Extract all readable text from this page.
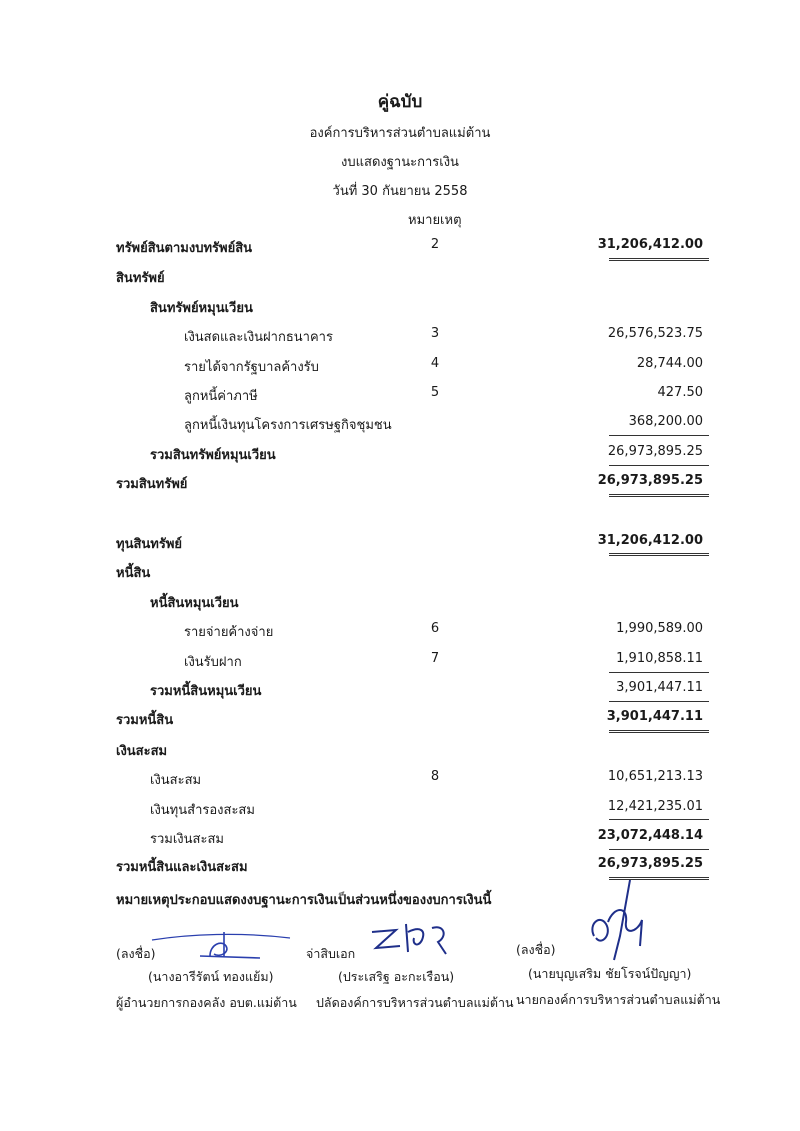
คู่ฉบับ
องค์การบริหารส่วนตำบลแม่ต้าน
งบแสดงฐานะการเงิน
วันที่ 30 กันยายน 2558
หมายเหตุ
ทรัพย์สินตามงบทรัพย์สิน	2	31,206,412.00
สินทรัพย์
สินทรัพย์หมุนเวียน
เงินสดและเงินฝากธนาคาร	3	26,576,523.75
รายได้จากรัฐบาลค้างรับ	4	28,744.00
ลูกหนี้ค่าภาษี	5	427.50
ลูกหนี้เงินทุนโครงการเศรษฐกิจชุมชน	368,200.00
รวมสินทรัพย์หมุนเวียน	26,973,895.25
รวมสินทรัพย์	26,973,895.25
ทุนสินทรัพย์	31,206,412.00
หนี้สิน
หนี้สินหมุนเวียน
รายจ่ายค้างจ่าย	6	1,990,589.00
เงินรับฝาก	7	1,910,858.11
รวมหนี้สินหมุนเวียน	3,901,447.11
รวมหนี้สิน	3,901,447.11
เงินสะสม
เงินสะสม	8	10,651,213.13
เงินทุนสำรองสะสม	12,421,235.01
รวมเงินสะสม	23,072,448.14
รวมหนี้สินและเงินสะสม	26,973,895.25
หมายเหตุประกอบแสดงงบฐานะการเงินเป็นส่วนหนึ่งของงบการเงินนี้
(ลงชื่อ)	จ่าสิบเอก	(ลงชื่อ)
(นางอารีรัตน์ ทองแย้ม)
ผู้อำนวยการกองคลัง อบต.แม่ต้าน
(ประเสริฐ อะกะเรือน)
ปลัดองค์การบริหารส่วนตำบลแม่ต้าน
(นายบุญเสริม ชัยโรจน์ปัญญา)
นายกองค์การบริหารส่วนตำบลแม่ต้าน
